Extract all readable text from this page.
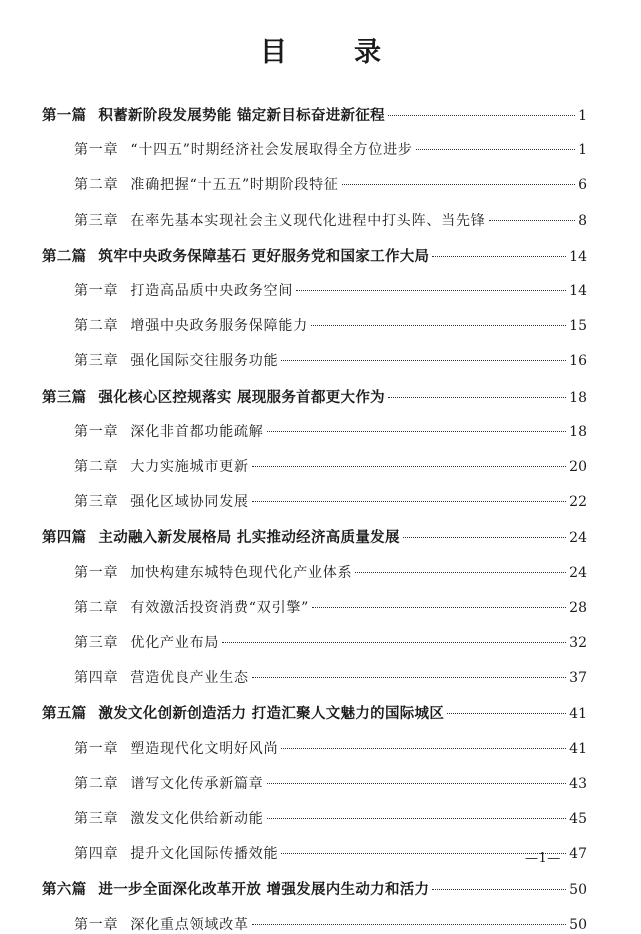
目　录
第一篇 积蓄新阶段发展势能 锚定新目标奋进新征程	1
第一章 “十四五”时期经济社会发展取得全方位进步	1
第二章 准确把握“十五五”时期阶段特征	6
第三章 在率先基本实现社会主义现代化进程中打头阵、当先锋	8
第二篇 筑牢中央政务保障基石 更好服务党和国家工作大局	14
第一章 打造高品质中央政务空间	14
第二章 增强中央政务服务保障能力	15
第三章 强化国际交往服务功能	16
第三篇 强化核心区控规落实 展现服务首都更大作为	18
第一章 深化非首都功能疏解	18
第二章 大力实施城市更新	20
第三章 强化区域协同发展	22
第四篇 主动融入新发展格局 扎实推动经济高质量发展	24
第一章 加快构建东城特色现代化产业体系	24
第二章 有效激活投资消费“双引擎”	28
第三章 优化产业布局	32
第四章 营造优良产业生态	37
第五篇 激发文化创新创造活力 打造汇聚人文魅力的国际城区	41
第一章 塑造现代化文明好风尚	41
第二章 谱写文化传承新篇章	43
第三章 激发文化供给新动能	45
第四章 提升文化国际传播效能	47
第六篇 进一步全面深化改革开放 增强发展内生动力和活力	50
第一章 深化重点领域改革	50
—1—
